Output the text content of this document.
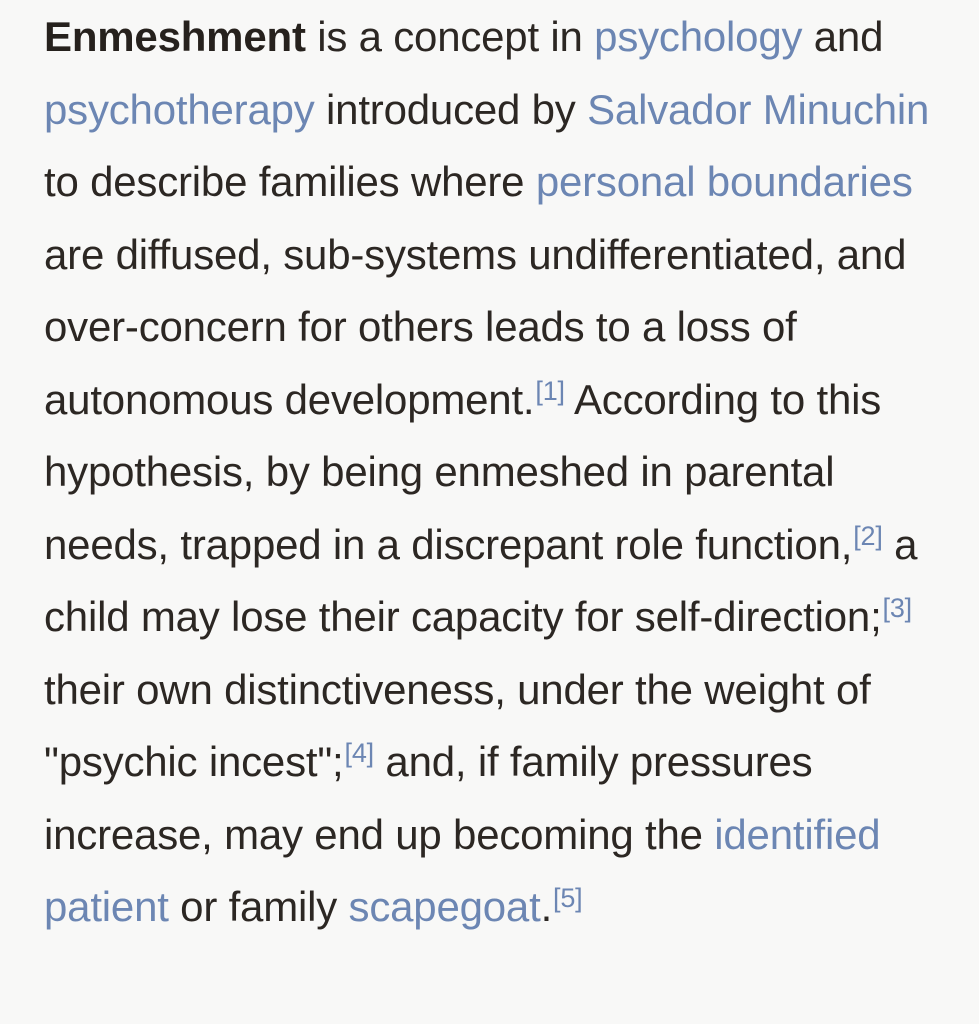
Enmeshment is a concept in psychology and psychotherapy introduced by Salvador Minuchin to describe families where personal boundaries are diffused, sub-systems undifferentiated, and over-concern for others leads to a loss of autonomous development.[1] According to this hypothesis, by being enmeshed in parental needs, trapped in a discrepant role function,[2] a child may lose their capacity for self-direction;[3] their own distinctiveness, under the weight of "psychic incest";[4] and, if family pressures increase, may end up becoming the identified patient or family scapegoat.[5]
